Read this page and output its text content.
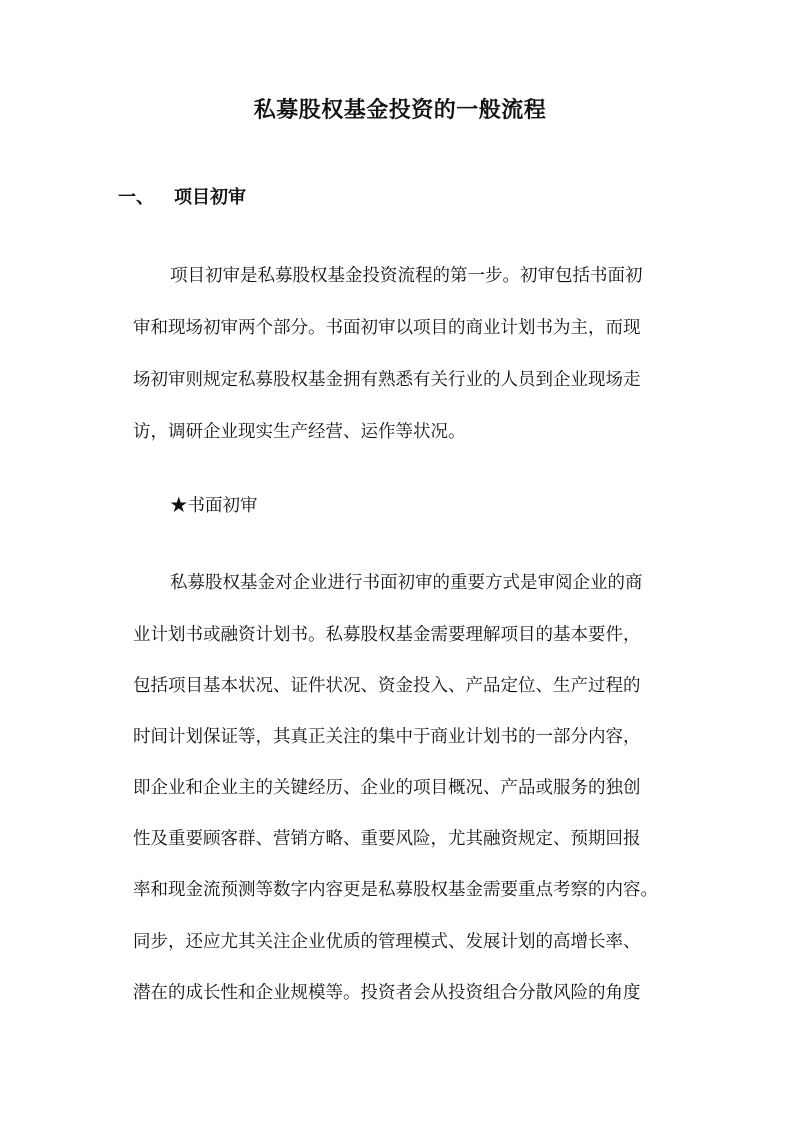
私募股权基金投资的一般流程
一、 项目初审
项目初审是私募股权基金投资流程的第一步。初审包括书面初
审和现场初审两个部分。书面初审以项目的商业计划书为主，而现
场初审则规定私募股权基金拥有熟悉有关行业的人员到企业现场走
访，调研企业现实生产经营、运作等状况。
★书面初审
私募股权基金对企业进行书面初审的重要方式是审阅企业的商
业计划书或融资计划书。私募股权基金需要理解项目的基本要件，
包括项目基本状况、证件状况、资金投入、产品定位、生产过程的
时间计划保证等，其真正关注的集中于商业计划书的一部分内容，
即企业和企业主的关键经历、企业的项目概况、产品或服务的独创
性及重要顾客群、营销方略、重要风险，尤其融资规定、预期回报
率和现金流预测等数字内容更是私募股权基金需要重点考察的内容。
同步，还应尤其关注企业优质的管理模式、发展计划的高增长率、
潜在的成长性和企业规模等。投资者会从投资组合分散风险的角度
